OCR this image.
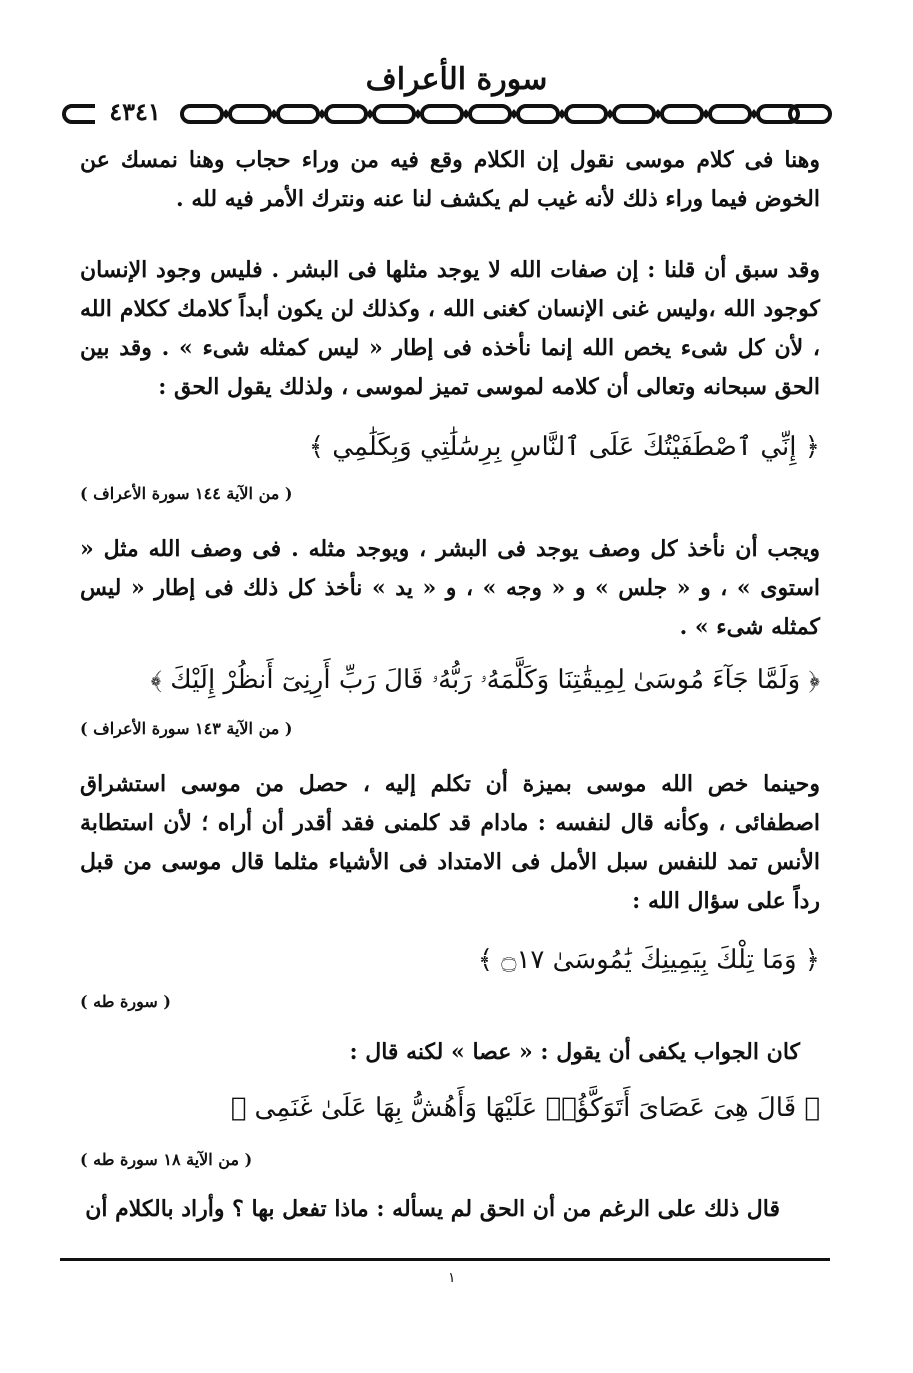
سورة الأعراف
٤٣٤١
وهنا فى كلام موسى نقول إن الكلام وقع فيه من وراء حجاب وهنا نمسك عن الخوض فيما وراء ذلك لأنه غيب لم يكشف لنا عنه ونترك الأمر فيه لله .
وقد سبق أن قلنا : إن صفات الله لا يوجد مثلها فى البشر . فليس وجود الإنسان كوجود الله ،وليس غنى الإنسان كغنى الله ، وكذلك لن يكون أبداً كلامك ككلام الله ، لأن كل شىء يخص الله إنما نأخذه فى إطار « ليس كمثله شىء » . وقد بين الحق سبحانه وتعالى أن كلامه لموسى تميز لموسى ، ولذلك يقول الحق :
﴿ إِنِّي ٱصْطَفَيْتُكَ عَلَى ٱلنَّاسِ بِرِسَٰلَٰتِي وَبِكَلَٰمِي ﴾
( من الآية ١٤٤ سورة الأعراف )
ويجب أن نأخذ كل وصف يوجد فى البشر ، ويوجد مثله . فى وصف الله مثل « استوى » ، و « جلس » و « وجه » ، و « يد » نأخذ كل ذلك فى إطار « ليس كمثله شىء » .
﴿ وَلَمَّا جَآءَ مُوسَىٰ لِمِيقَٰتِنَا وَكَلَّمَهُۥ رَبُّهُۥ قَالَ رَبِّ أَرِنِىٓ أَنظُرْ إِلَيْكَ ﴾
( من الآية ١٤٣ سورة الأعراف )
وحينما خص الله موسى بميزة أن تكلم إليه ، حصل من موسى استشراق اصطفائى ، وكأنه قال لنفسه : مادام قد كلمنى فقد أقدر أن أراه ؛ لأن استطابة الأنس تمد للنفس سبل الأمل فى الامتداد فى الأشياء مثلما قال موسى من قبل رداً على سؤال الله :
﴿ وَمَا تِلْكَ بِيَمِينِكَ يَٰمُوسَىٰ ۝١٧ ﴾
( سورة طه )
كان الجواب يكفى أن يقول : « عصا » لكنه قال :
﴿ قَالَ هِىَ عَصَاىَ أَتَوَكَّؤُا۟ عَلَيْهَا وَأَهُشُّ بِهَا عَلَىٰ غَنَمِى ﴾
( من الآية ١٨ سورة طه )
قال ذلك على الرغم من أن الحق لم يسأله : ماذا تفعل بها ؟ وأراد بالكلام أن
١
